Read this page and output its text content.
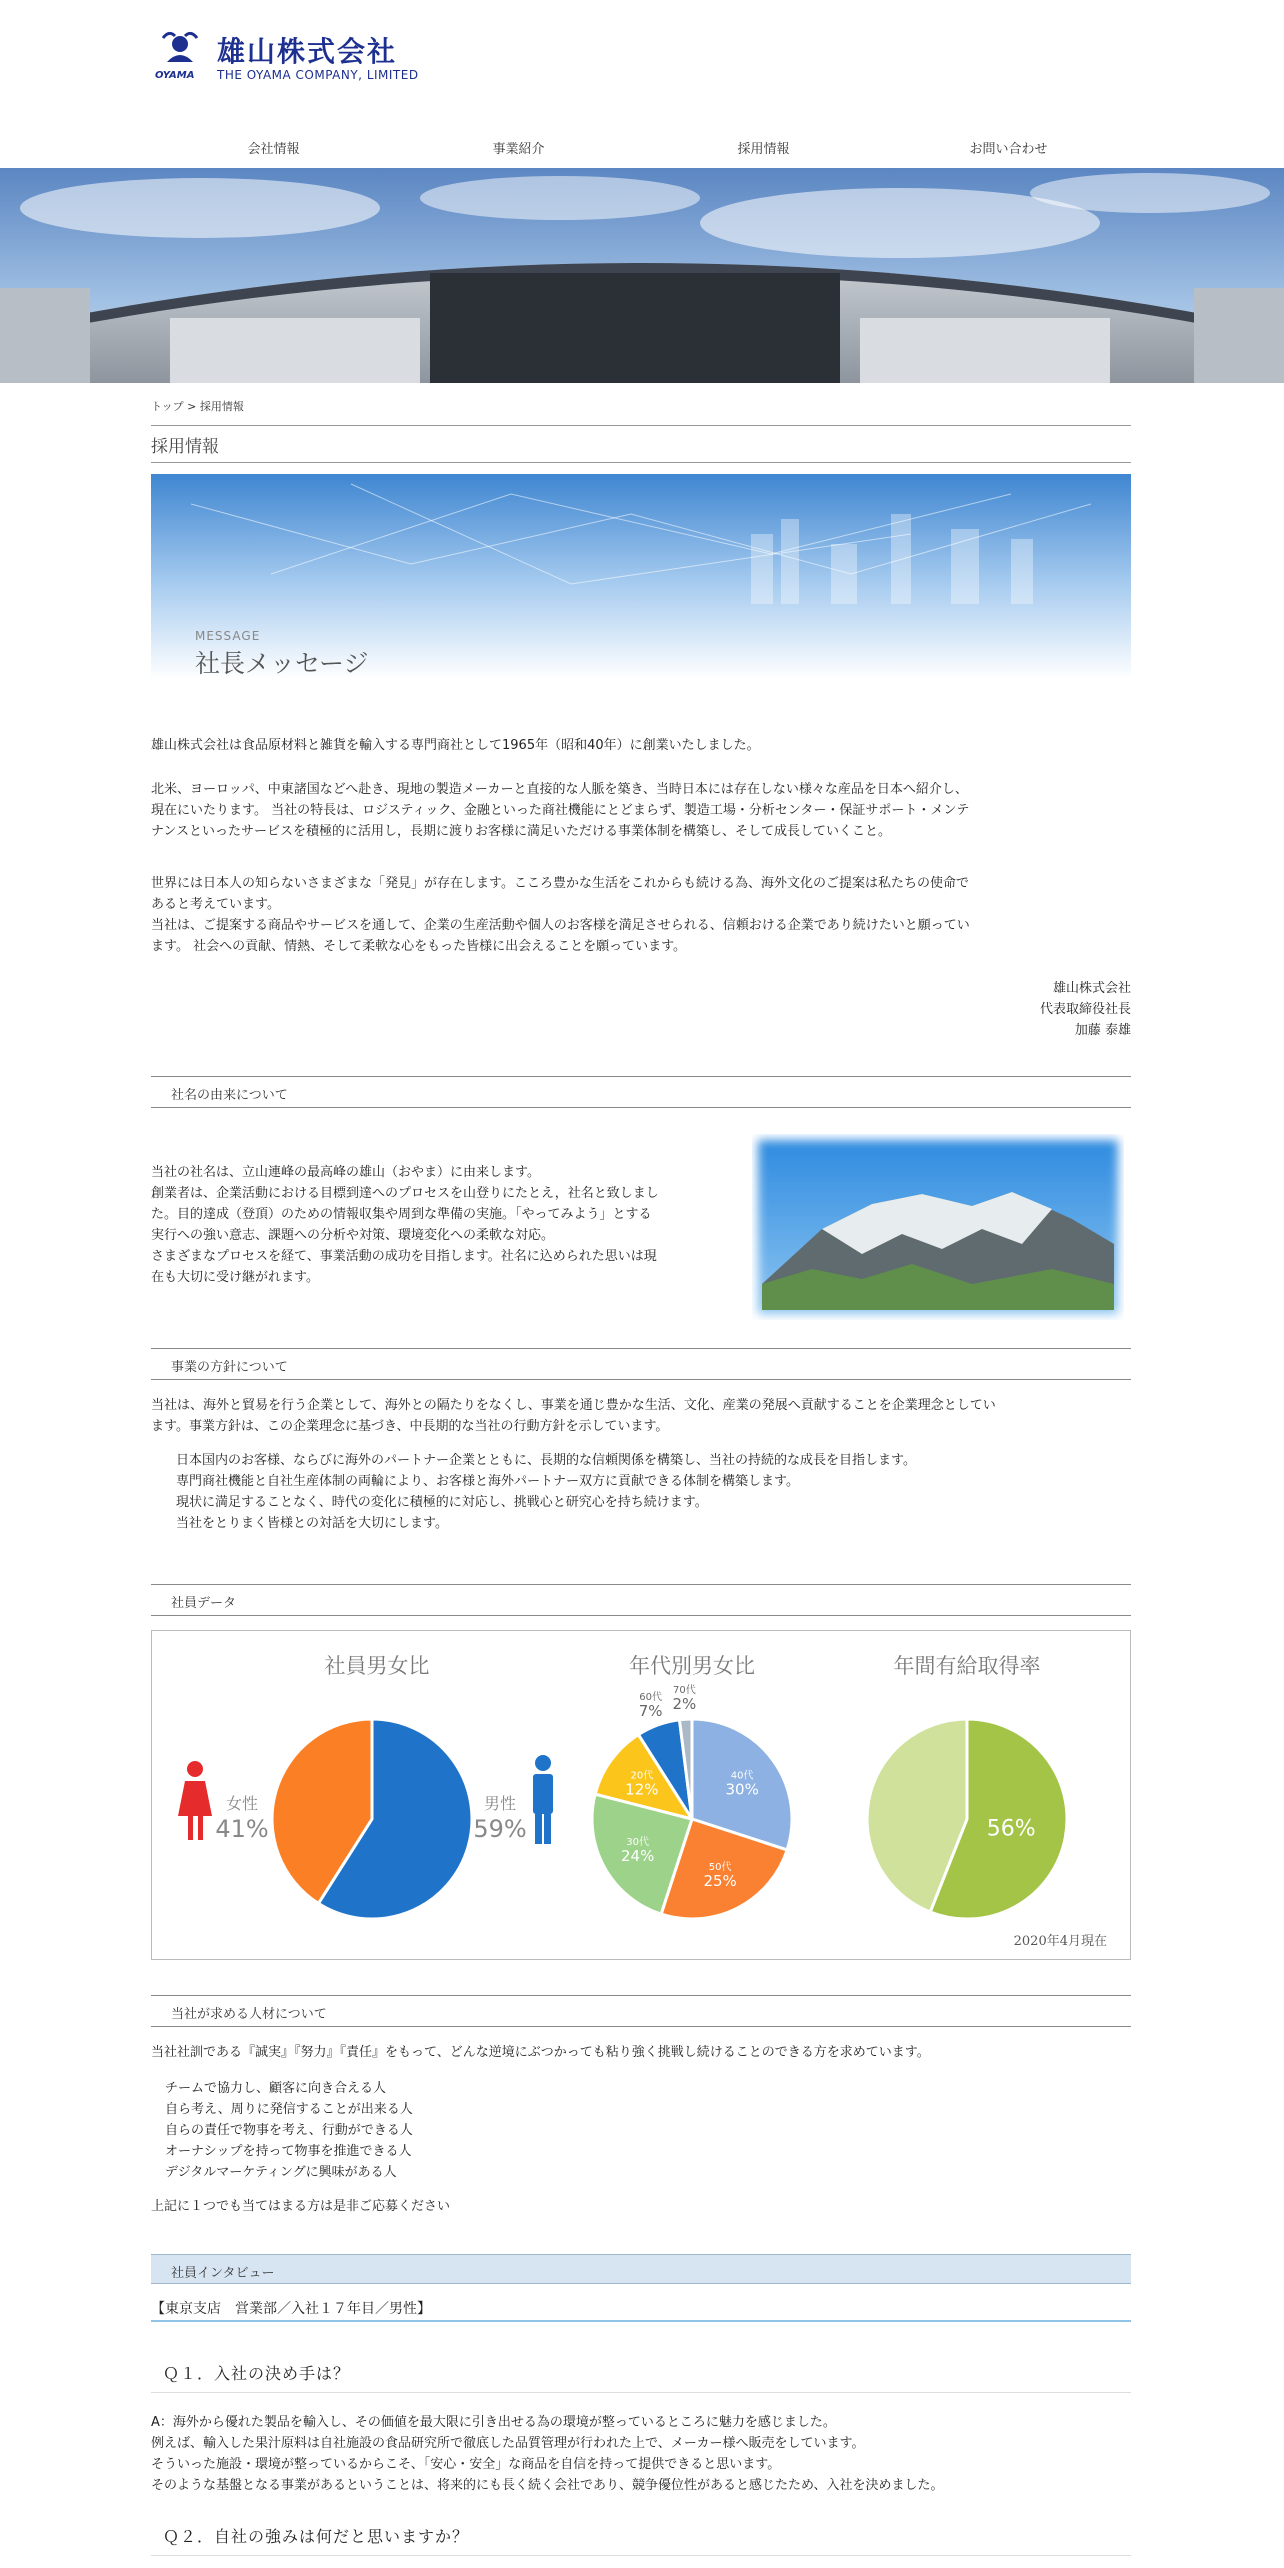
OYAMA
雄山株式会社
THE OYAMA COMPANY, LIMITED
会社情報	事業紹介	採用情報	お問い合わせ
トップ > 採用情報
採用情報
MESSAGE
社長メッセージ
雄山株式会社は食品原材料と雑貨を輸入する専門商社として1965年（昭和40年）に創業いたしました。
北米、ヨーロッパ、中東諸国などへ赴き、現地の製造メーカーと直接的な人脈を築き、当時日本には存在しない様々な産品を日本へ紹介し、
現在にいたります。 当社の特長は、ロジスティック、金融といった商社機能にとどまらず、製造工場・分析センター・保証サポート・メンテ
ナンスといったサービスを積極的に活用し，長期に渡りお客様に満足いただける事業体制を構築し、そして成長していくこと。
世界には日本人の知らないさまざまな「発見」が存在します。こころ豊かな生活をこれからも続ける為、海外文化のご提案は私たちの使命で
あると考えています。
当社は、ご提案する商品やサービスを通して、企業の生産活動や個人のお客様を満足させられる、信頼おける企業であり続けたいと願ってい
ます。 社会への貢献、情熱、そして柔軟な心をもった皆様に出会えることを願っています。
雄山株式会社
代表取締役社長
加藤 泰雄
社名の由来について
当社の社名は、立山連峰の最高峰の雄山（おやま）に由来します。
創業者は、企業活動における目標到達へのプロセスを山登りにたとえ，社名と致しまし
た。目的達成（登頂）のための情報収集や周到な準備の実施。「やってみよう」とする
実行への強い意志、課題への分析や対策、環境変化への柔軟な対応。
さまざまなプロセスを経て、事業活動の成功を目指します。社名に込められた思いは現
在も大切に受け継がれます。
事業の方針について
当社は、海外と貿易を行う企業として、海外との隔たりをなくし、事業を通じ豊かな生活、文化、産業の発展へ貢献することを企業理念としてい
ます。事業方針は、この企業理念に基づき、中長期的な当社の行動方針を示しています。
日本国内のお客様、ならびに海外のパートナー企業とともに、長期的な信頼関係を構築し、当社の持続的な成長を目指します。
専門商社機能と自社生産体制の両輪により、お客様と海外パートナー双方に貢献できる体制を構築します。
現状に満足することなく、時代の変化に積極的に対応し、挑戦心と研究心を持ち続けます。
当社をとりまく皆様との対話を大切にします。
社員データ
社員男女比	年代別男女比	年間有給取得率
40代
30%
50代
25%
30代
24%
20代
12%
60代
7%
70代
2%
56%
女性
41%
男性
59%
2020年4月現在
当社が求める人材について
当社社訓である『誠実』『努力』『責任』をもって、どんな逆境にぶつかっても粘り強く挑戦し続けることのできる方を求めています。
チームで協力し、顧客に向き合える人
自ら考え、周りに発信することが出来る人
自らの責任で物事を考え、行動ができる人
オーナシップを持って物事を推進できる人
デジタルマーケティングに興味がある人
上記に１つでも当てはまる方は是非ご応募ください
社員インタビュー
【東京支店　営業部／入社１７年目／男性】
Ｑ１．入社の決め手は？
A：海外から優れた製品を輸入し、その価値を最大限に引き出せる為の環境が整っているところに魅力を感じました。
例えば、輸入した果汁原料は自社施設の食品研究所で徹底した品質管理が行われた上で、メーカー様へ販売をしています。
そういった施設・環境が整っているからこそ、「安心・安全」な商品を自信を持って提供できると思います。
そのような基盤となる事業があるということは、将来的にも長く続く会社であり、競争優位性があると感じたため、入社を決めました。
Ｑ２．自社の強みは何だと思いますか？
